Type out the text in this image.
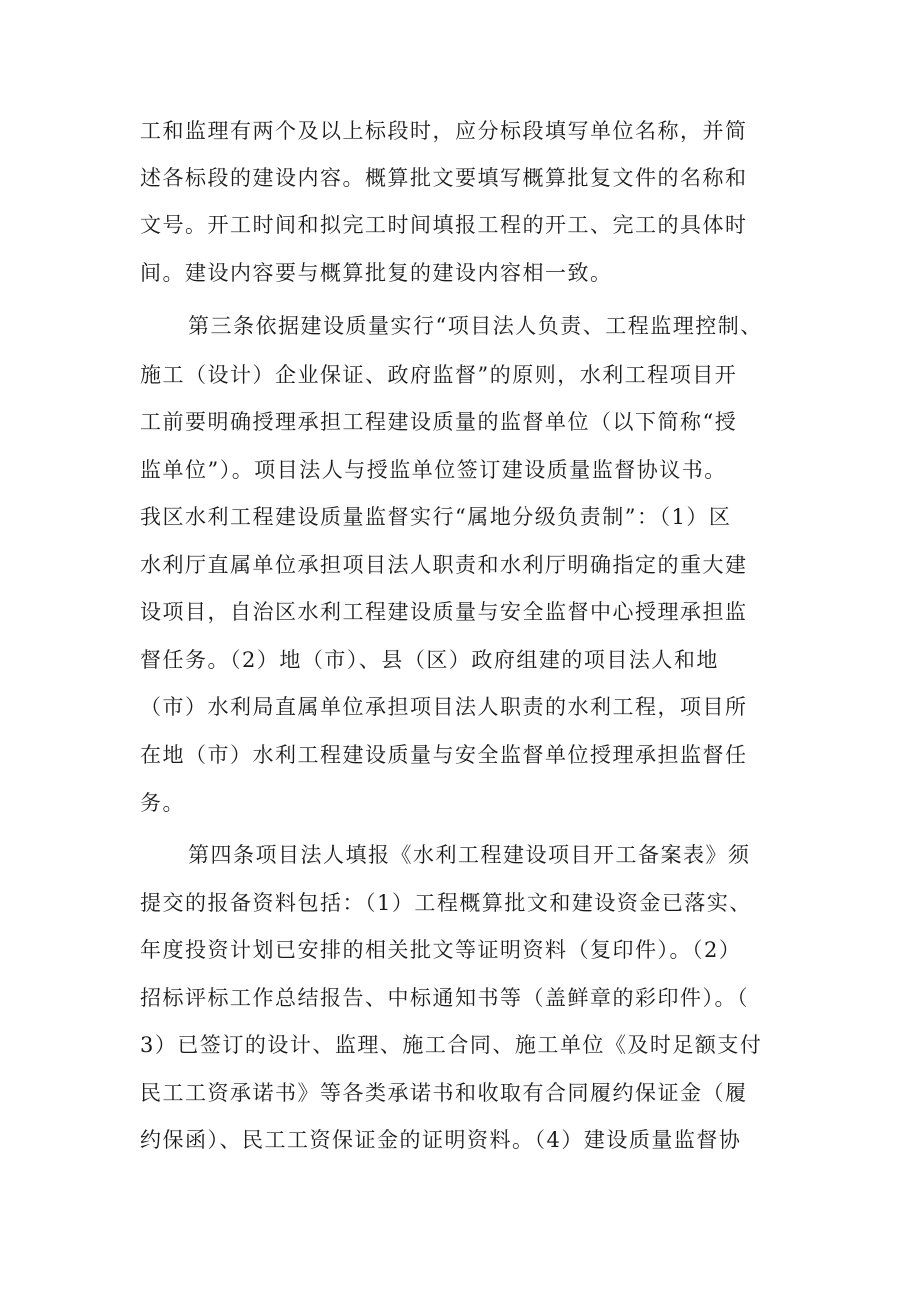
工和监理有两个及以上标段时，应分标段填写单位名称，并简
述各标段的建设内容。概算批文要填写概算批复文件的名称和
文号。开工时间和拟完工时间填报工程的开工、完工的具体时
间。建设内容要与概算批复的建设内容相一致。
第三条依据建设质量实行“项目法人负责、工程监理控制、
施工（设计）企业保证、政府监督”的原则，水利工程项目开
工前要明确授理承担工程建设质量的监督单位（以下简称“授
监单位”）。项目法人与授监单位签订建设质量监督协议书。
我区水利工程建设质量监督实行“属地分级负责制”：（1）区
水利厅直属单位承担项目法人职责和水利厅明确指定的重大建
设项目，自治区水利工程建设质量与安全监督中心授理承担监
督任务。（2）地（市）、县（区）政府组建的项目法人和地
（市）水利局直属单位承担项目法人职责的水利工程，项目所
在地（市）水利工程建设质量与安全监督单位授理承担监督任
务。
第四条项目法人填报《水利工程建设项目开工备案表》须
提交的报备资料包括：（1）工程概算批文和建设资金已落实、
年度投资计划已安排的相关批文等证明资料（复印件）。（2）
招标评标工作总结报告、中标通知书等（盖鲜章的彩印件）。（
3）已签订的设计、监理、施工合同、施工单位《及时足额支付
民工工资承诺书》等各类承诺书和收取有合同履约保证金（履
约保函）、民工工资保证金的证明资料。（4）建设质量监督协
